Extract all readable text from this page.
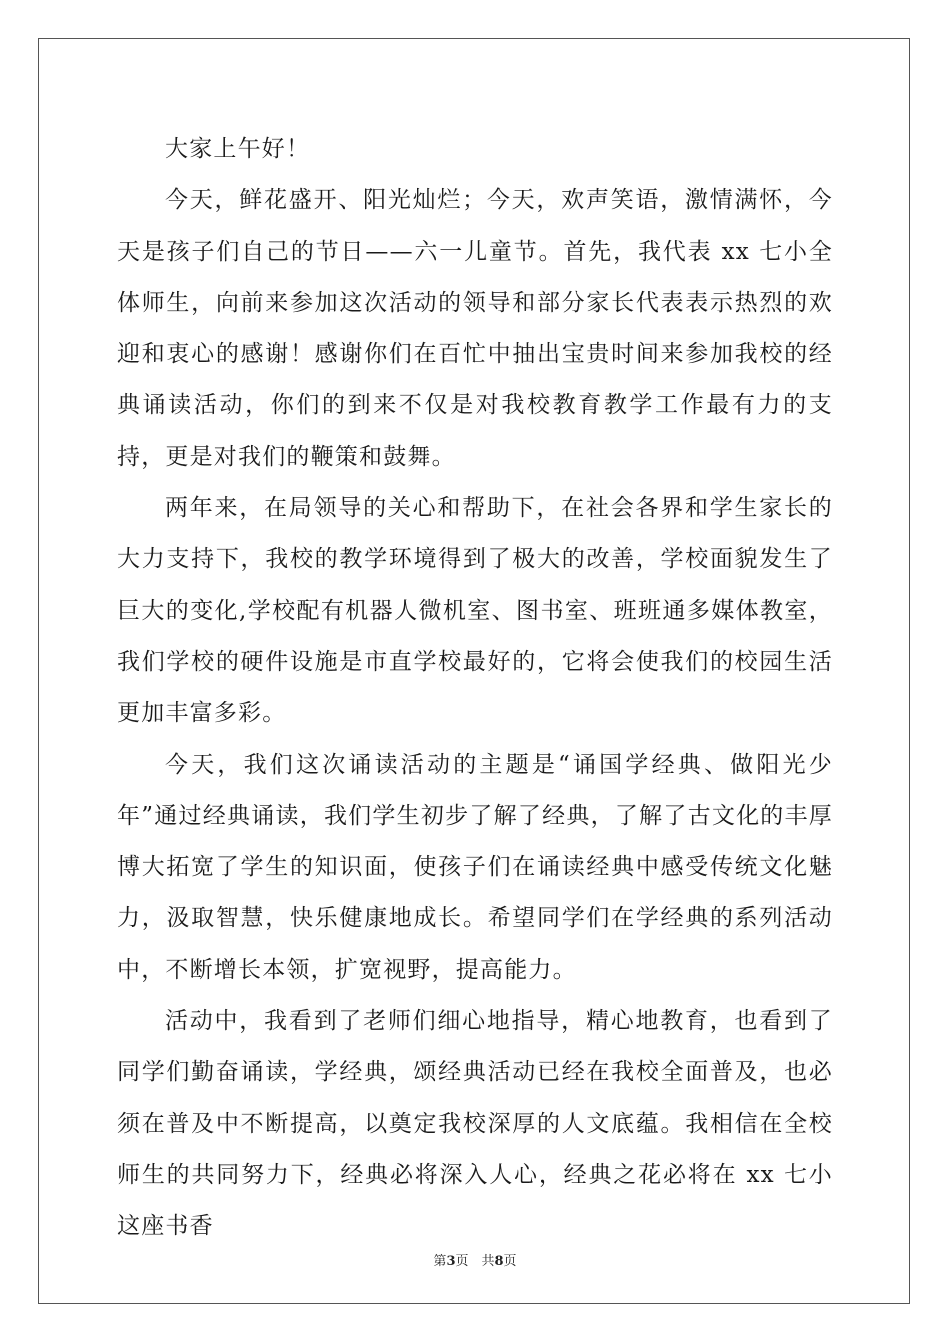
大家上午好！

今天，鲜花盛开、阳光灿烂；今天，欢声笑语，激情满怀，今天是孩子们自己的节日——六一儿童节。首先，我代表 xx 七小全体师生，向前来参加这次活动的领导和部分家长代表表示热烈的欢迎和衷心的感谢！感谢你们在百忙中抽出宝贵时间来参加我校的经典诵读活动，你们的到来不仅是对我校教育教学工作最有力的支持，更是对我们的鞭策和鼓舞。

两年来，在局领导的关心和帮助下，在社会各界和学生家长的大力支持下，我校的教学环境得到了极大的改善，学校面貌发生了巨大的变化,学校配有机器人微机室、图书室、班班通多媒体教室，我们学校的硬件设施是市直学校最好的，它将会使我们的校园生活更加丰富多彩。

今天，我们这次诵读活动的主题是“诵国学经典、做阳光少年”通过经典诵读，我们学生初步了解了经典，了解了古文化的丰厚博大拓宽了学生的知识面，使孩子们在诵读经典中感受传统文化魅力，汲取智慧，快乐健康地成长。希望同学们在学经典的系列活动中，不断增长本领，扩宽视野，提高能力。

活动中，我看到了老师们细心地指导，精心地教育，也看到了同学们勤奋诵读，学经典，颂经典活动已经在我校全面普及，也必须在普及中不断提高，以奠定我校深厚的人文底蕴。我相信在全校师生的共同努力下，经典必将深入人心，经典之花必将在 xx 七小这座书香

第3页　共8页
